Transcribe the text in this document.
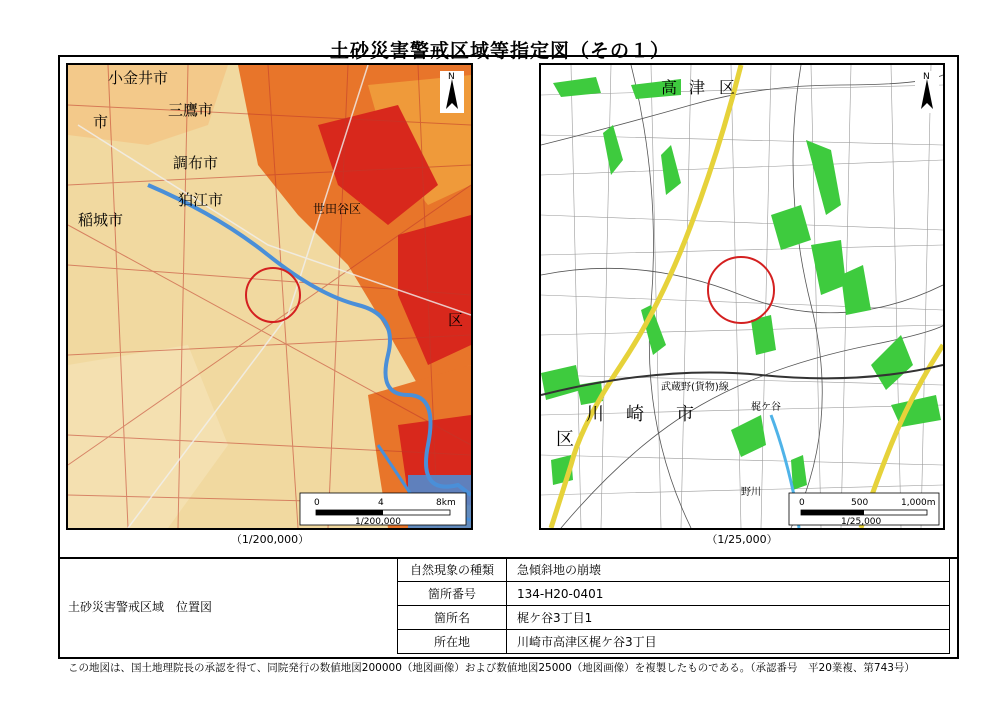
土砂災害警戒区域等指定図（その１）
小金井市
三鷹市
調布市
狛江市
稲城市
世田谷区
市
区
N
0	4	8km
1/200,000
高 津 区
川 崎 市
区
武蔵野(貨物)線
梶ケ谷
野川
N
0	500	1,000m
1/25,000
（1/200,000）	（1/25,000）
土砂災害警戒区域　位置図
自然現象の種類	急傾斜地の崩壊
箇所番号	134-H20-0401
箇所名	梶ケ谷3丁目1
所在地	川崎市高津区梶ケ谷3丁目
この地図は、国土地理院長の承認を得て、同院発行の数値地図200000（地図画像）および数値地図25000（地図画像）を複製したものである。（承認番号　平20業複、第743号）
